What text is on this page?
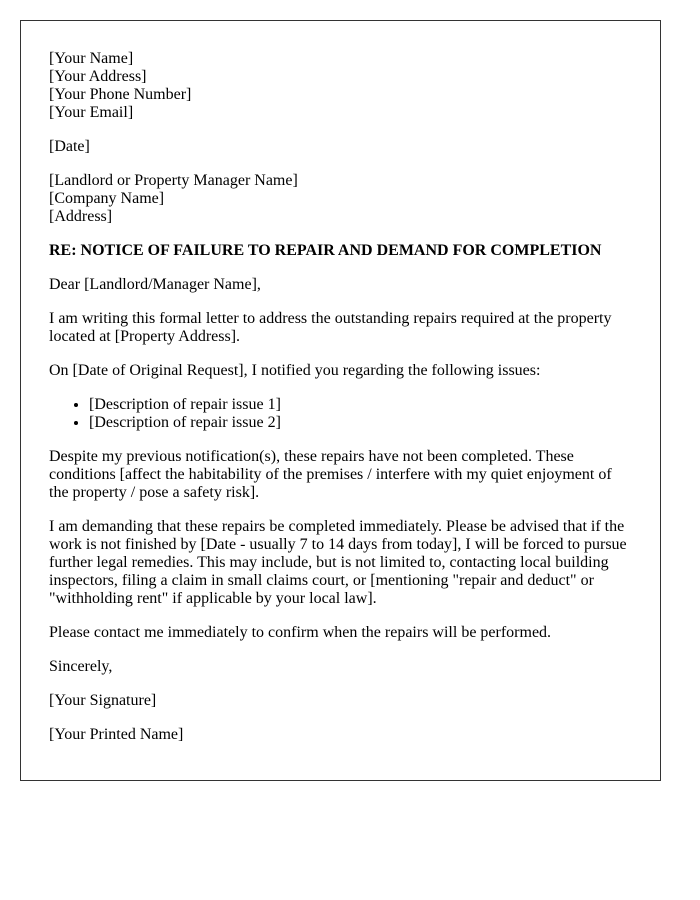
[Your Name]
[Your Address]
[Your Phone Number]
[Your Email]

[Date]

[Landlord or Property Manager Name]
[Company Name]
[Address]

RE: NOTICE OF FAILURE TO REPAIR AND DEMAND FOR COMPLETION

Dear [Landlord/Manager Name],

I am writing this formal letter to address the outstanding repairs required at the property located at [Property Address].

On [Date of Original Request], I notified you regarding the following issues:

• [Description of repair issue 1]
• [Description of repair issue 2]

Despite my previous notification(s), these repairs have not been completed. These conditions [affect the habitability of the premises / interfere with my quiet enjoyment of the property / pose a safety risk].

I am demanding that these repairs be completed immediately. Please be advised that if the work is not finished by [Date - usually 7 to 14 days from today], I will be forced to pursue further legal remedies. This may include, but is not limited to, contacting local building inspectors, filing a claim in small claims court, or [mentioning "repair and deduct" or "withholding rent" if applicable by your local law].

Please contact me immediately to confirm when the repairs will be performed.

Sincerely,

[Your Signature]

[Your Printed Name]
